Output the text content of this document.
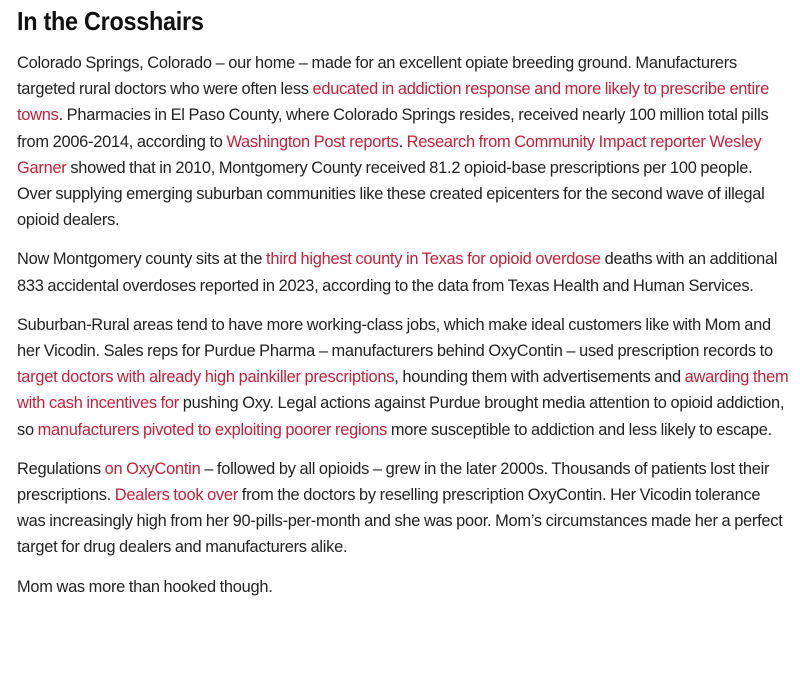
In the Crosshairs

Colorado Springs, Colorado – our home – made for an excellent opiate breeding ground. Manufacturers targeted rural doctors who were often less educated in addiction response and more likely to prescribe entire towns. Pharmacies in El Paso County, where Colorado Springs resides, received nearly 100 million total pills from 2006-2014, according to Washington Post reports. Research from Community Impact reporter Wesley Garner showed that in 2010, Montgomery County received 81.2 opioid-base prescriptions per 100 people. Over supplying emerging suburban communities like these created epicenters for the second wave of illegal opioid dealers.

Now Montgomery county sits at the third highest county in Texas for opioid overdose deaths with an additional 833 accidental overdoses reported in 2023, according to the data from Texas Health and Human Services.

Suburban-Rural areas tend to have more working-class jobs, which make ideal customers like with Mom and her Vicodin. Sales reps for Purdue Pharma – manufacturers behind OxyContin – used prescription records to target doctors with already high painkiller prescriptions, hounding them with advertisements and awarding them with cash incentives for pushing Oxy. Legal actions against Purdue brought media attention to opioid addiction, so manufacturers pivoted to exploiting poorer regions more susceptible to addiction and less likely to escape.

Regulations on OxyContin – followed by all opioids – grew in the later 2000s. Thousands of patients lost their prescriptions. Dealers took over from the doctors by reselling prescription OxyContin. Her Vicodin tolerance was increasingly high from her 90-pills-per-month and she was poor. Mom’s circumstances made her a perfect target for drug dealers and manufacturers alike.

Mom was more than hooked though.
